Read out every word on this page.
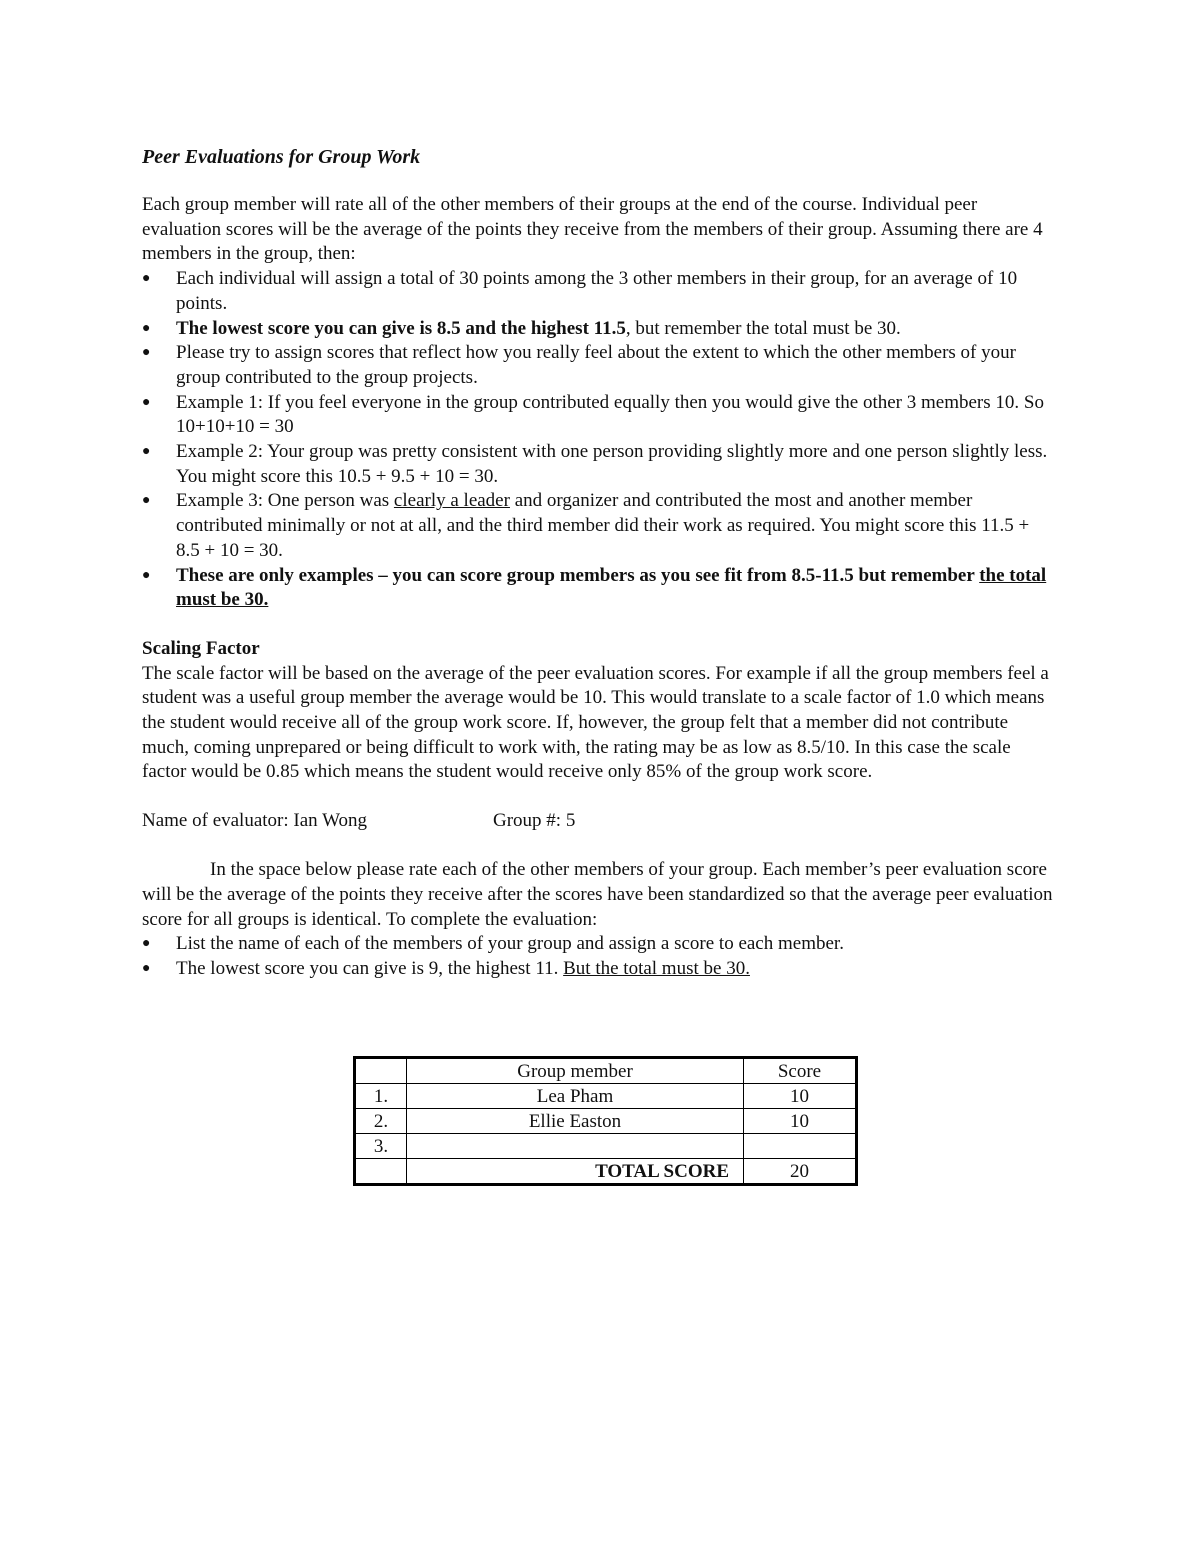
Peer Evaluations for Group Work

Each group member will rate all of the other members of their groups at the end of the course. Individual peer evaluation scores will be the average of the points they receive from the members of their group. Assuming there are 4 members in the group, then:

● Each individual will assign a total of 30 points among the 3 other members in their group, for an average of 10 points.
● The lowest score you can give is 8.5 and the highest 11.5, but remember the total must be 30.
● Please try to assign scores that reflect how you really feel about the extent to which the other members of your group contributed to the group projects.
● Example 1: If you feel everyone in the group contributed equally then you would give the other 3 members 10. So 10+10+10 = 30
● Example 2: Your group was pretty consistent with one person providing slightly more and one person slightly less. You might score this 10.5 + 9.5 + 10 = 30.
● Example 3: One person was clearly a leader and organizer and contributed the most and another member contributed minimally or not at all, and the third member did their work as required. You might score this 11.5 + 8.5 + 10 = 30.
● These are only examples – you can score group members as you see fit from 8.5-11.5 but remember the total must be 30.

Scaling Factor

The scale factor will be based on the average of the peer evaluation scores. For example if all the group members feel a student was a useful group member the average would be 10. This would translate to a scale factor of 1.0 which means the student would receive all of the group work score. If, however, the group felt that a member did not contribute much, coming unprepared or being difficult to work with, the rating may be as low as 8.5/10. In this case the scale factor would be 0.85 which means the student would receive only 85% of the group work score.

Name of evaluator: Ian Wong	Group #: 5

In the space below please rate each of the other members of your group. Each member’s peer evaluation score will be the average of the points they receive after the scores have been standardized so that the average peer evaluation score for all groups is identical. To complete the evaluation:

● List the name of each of the members of your group and assign a score to each member.
● The lowest score you can give is 9, the highest 11. But the total must be 30.
	Group member	Score
1.	Lea Pham	10
2.	Ellie Easton	10
3.		
	TOTAL SCORE	20
